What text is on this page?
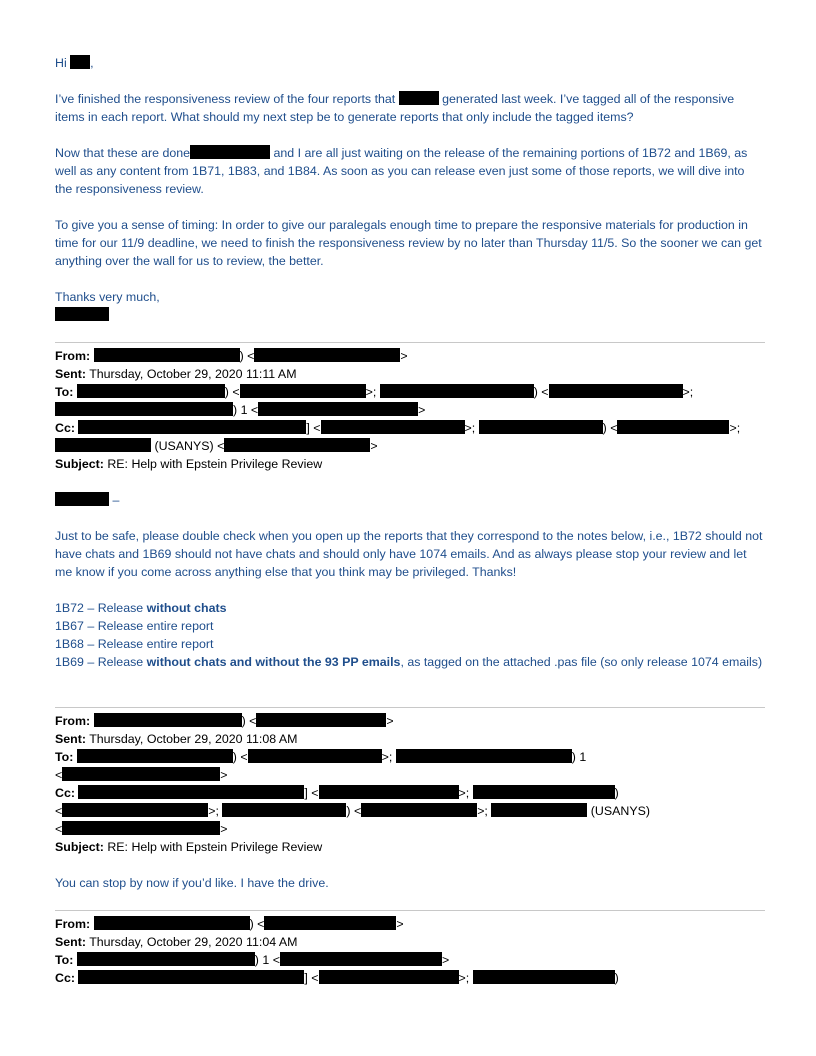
Hi ,

I’ve finished the responsiveness review of the four reports that	generated last week. I’ve tagged all of the responsive items in each report. What should my next step be to generate reports that only include the tagged items?

Now that these are done	and I are all just waiting on the release of the remaining portions of 1B72 and 1B69, as well as any content from 1B71, 1B83, and 1B84. As soon as you can release even just some of those reports, we will dive into the responsiveness review.

To give you a sense of timing: In order to give our paralegals enough time to prepare the responsive materials for production in time for our 11/9 deadline, we need to finish the responsiveness review by no later than Thursday 11/5. So the sooner we can get anything over the wall for us to review, the better.

Thanks very much,

From:	) <	>

Sent: Thursday, October 29, 2020 11:11 AM

To:	) <	>;	) <	>;

) 1 <	>

Cc:	] <	>;	) <	>;

(USANYS) <	>

Subject: RE: Help with Epstein Privilege Review

–

Just to be safe, please double check when you open up the reports that they correspond to the notes below, i.e., 1B72 should not have chats and 1B69 should not have chats and should only have 1074 emails. And as always please stop your review and let me know if you come across anything else that you think may be privileged. Thanks!

1B72 – Release without chats

1B67 – Release entire report

1B68 – Release entire report

1B69 – Release without chats and without the 93 PP emails, as tagged on the attached .pas file (so only release 1074 emails)

From:	) <	>

Sent: Thursday, October 29, 2020 11:08 AM

To:	) <	>;	) 1

<	>

Cc:	] <	>;	)

<	>;	) <	>;	(USANYS)

<	>

Subject: RE: Help with Epstein Privilege Review

You can stop by now if you’d like. I have the drive.

From:	) <	>

Sent: Thursday, October 29, 2020 11:04 AM

To:	) 1 <	>

Cc:	] <	>;	)
